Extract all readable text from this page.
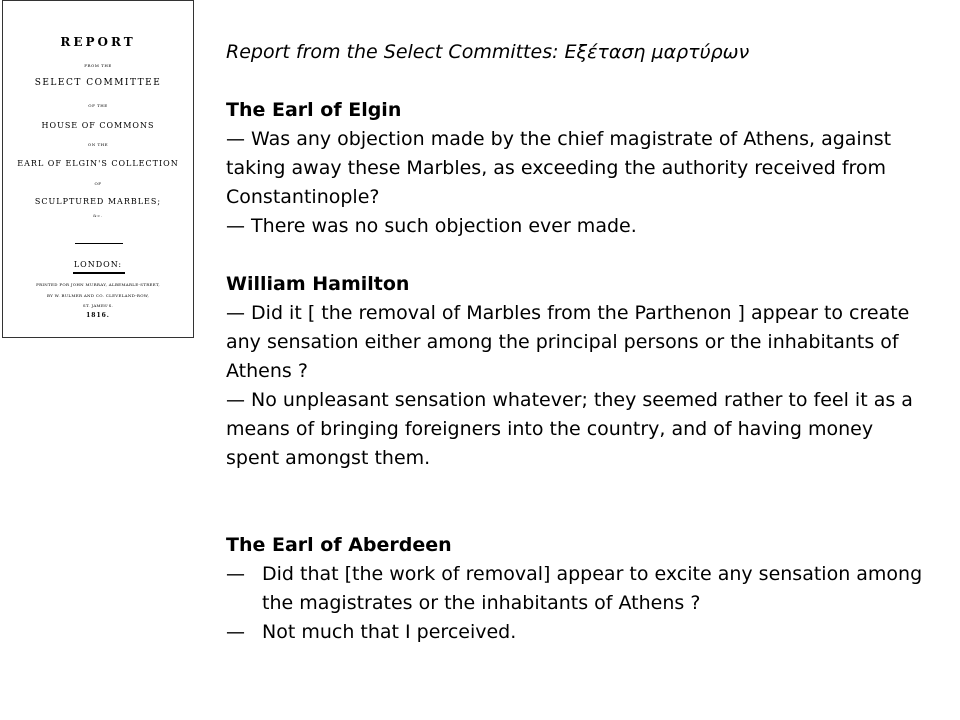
REPORT
FROM THE
SELECT COMMITTEE
OF THE
HOUSE OF COMMONS
ON THE
EARL OF ELGIN'S COLLECTION
OF
SCULPTURED MARBLES;
&c.
LONDON:
PRINTED FOR JOHN MURRAY, ALBEMARLE-STREET,
BY W. BULMER AND CO. CLEVELAND-ROW,
ST. JAMES'S.
1816.

Report from the Select Committes: Εξέταση μαρτύρων

The Earl of Elgin

— Was any objection made by the chief magistrate of Athens, against taking away these Marbles, as exceeding the authority received from Constantinople?

— There was no such objection ever made.

William Hamilton

— Did it [ the removal of Marbles from the Parthenon ] appear to create any sensation either among the principal persons or the inhabitants of Athens ?

— No unpleasant sensation whatever; they seemed rather to feel it as a means of bringing foreigners into the country, and of having money spent amongst them.

The Earl of Aberdeen

— Did that [the work of removal] appear to excite any sensation among the magistrates or the inhabitants of Athens ?
— Not much that I perceived.
